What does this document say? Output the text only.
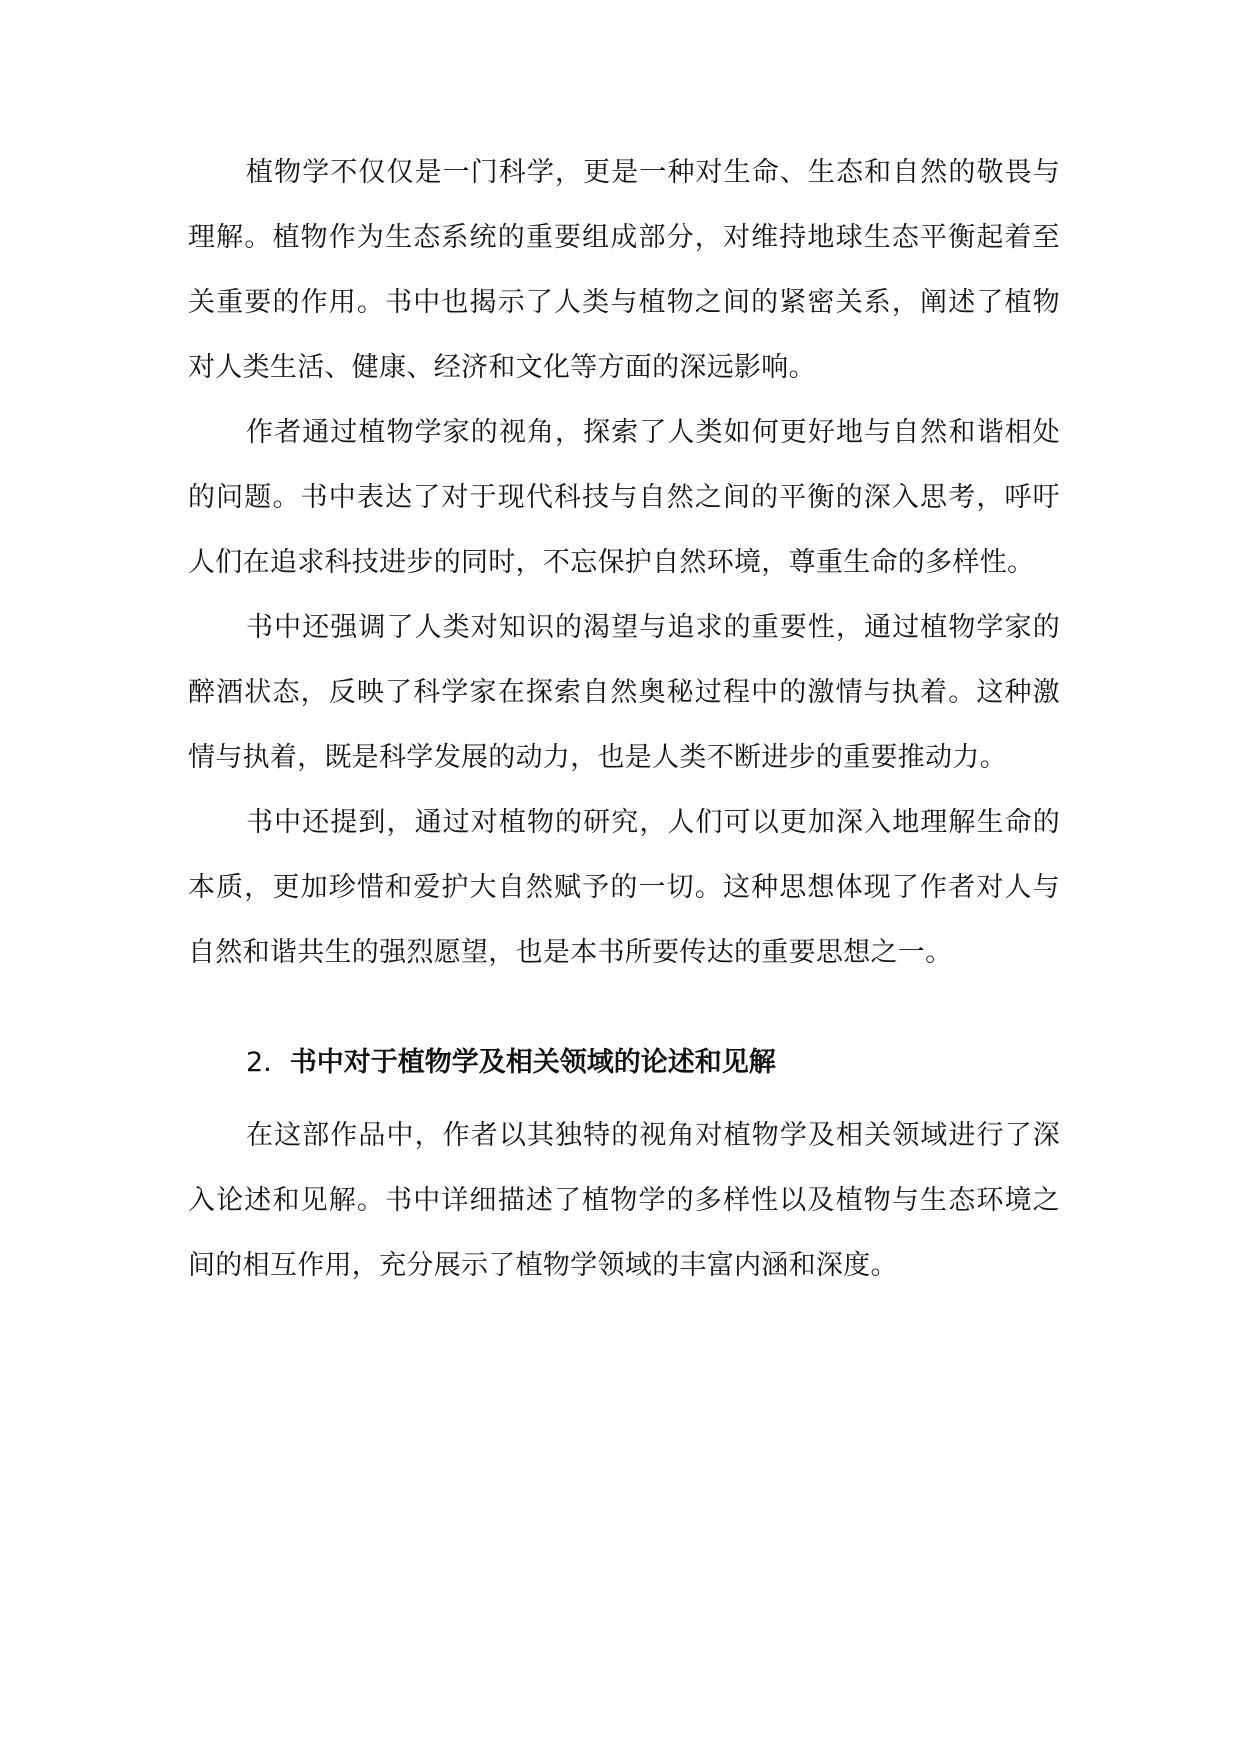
植物学不仅仅是一门科学，更是一种对生命、生态和自然的敬畏与理解。植物作为生态系统的重要组成部分，对维持地球生态平衡起着至关重要的作用。书中也揭示了人类与植物之间的紧密关系，阐述了植物对人类生活、健康、经济和文化等方面的深远影响。

作者通过植物学家的视角，探索了人类如何更好地与自然和谐相处的问题。书中表达了对于现代科技与自然之间的平衡的深入思考，呼吁人们在追求科技进步的同时，不忘保护自然环境，尊重生命的多样性。

书中还强调了人类对知识的渴望与追求的重要性，通过植物学家的醉酒状态，反映了科学家在探索自然奥秘过程中的激情与执着。这种激情与执着，既是科学发展的动力，也是人类不断进步的重要推动力。

书中还提到，通过对植物的研究，人们可以更加深入地理解生命的本质，更加珍惜和爱护大自然赋予的一切。这种思想体现了作者对人与自然和谐共生的强烈愿望，也是本书所要传达的重要思想之一。

2. 书中对于植物学及相关领域的论述和见解

在这部作品中，作者以其独特的视角对植物学及相关领域进行了深入论述和见解。书中详细描述了植物学的多样性以及植物与生态环境之间的相互作用，充分展示了植物学领域的丰富内涵和深度。
